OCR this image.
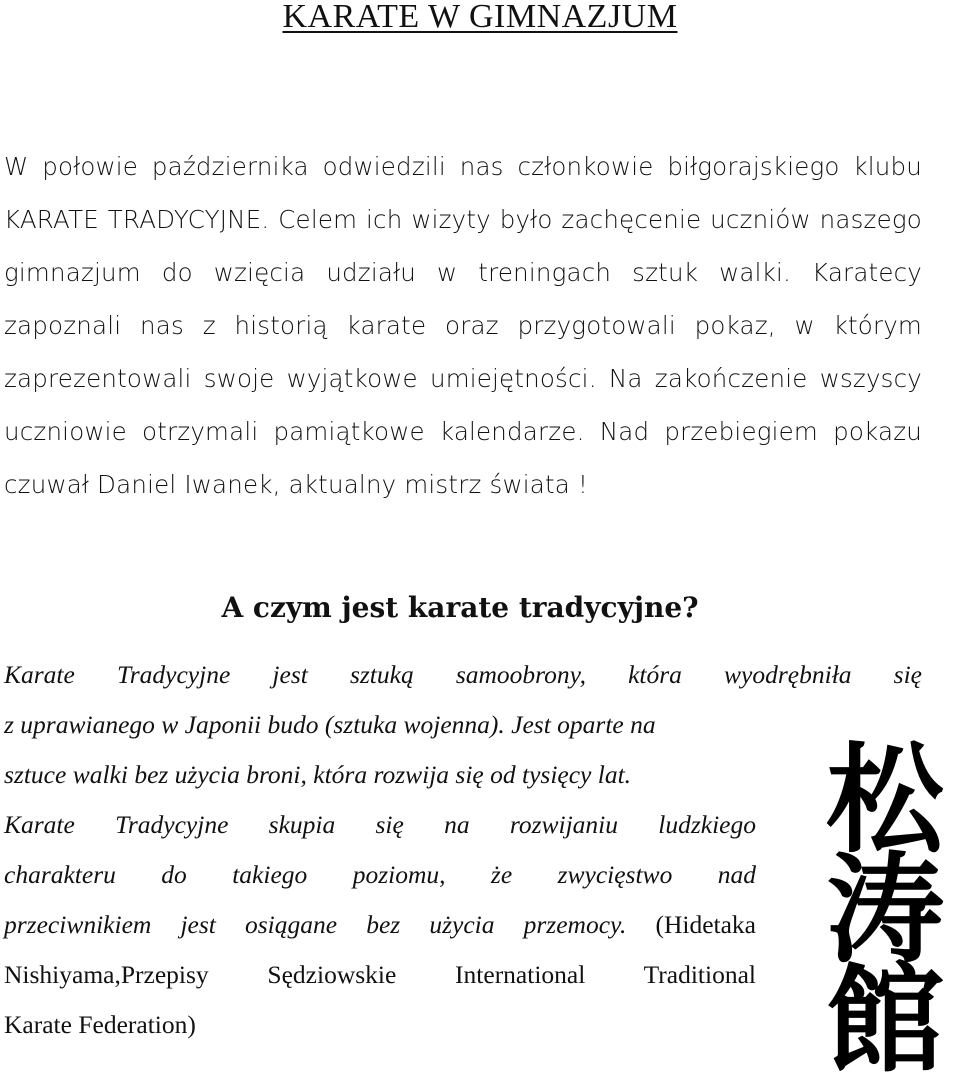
KARATE W GIMNAZJUM

W połowie października odwiedzili nas członkowie biłgorajskiego klubu KARATE TRADYCYJNE. Celem ich wizyty było zachęcenie uczniów naszego gimnazjum do wzięcia udziału w treningach sztuk walki. Karatecy zapoznali nas z historią karate oraz przygotowali pokaz, w którym zaprezentowali swoje wyjątkowe umiejętności. Na zakończenie wszyscy uczniowie otrzymali pamiątkowe kalendarze. Nad przebiegiem pokazu czuwał Daniel Iwanek, aktualny mistrz świata !

A czym jest karate tradycyjne?
Karate Tradycyjne jest sztuką samoobrony, która wyodrębniła się
z uprawianego w Japonii budo (sztuka wojenna). Jest oparte na
sztuce walki bez użycia broni, która rozwija się od tysięcy lat.
Karate Tradycyjne skupia się na rozwijaniu ludzkiego
charakteru do takiego poziomu, że zwycięstwo nad
przeciwnikiem jest osiągane bez użycia przemocy. (Hidetaka
Nishiyama,Przepisy Sędziowskie International Traditional
Karate Federation)
松
涛
館
